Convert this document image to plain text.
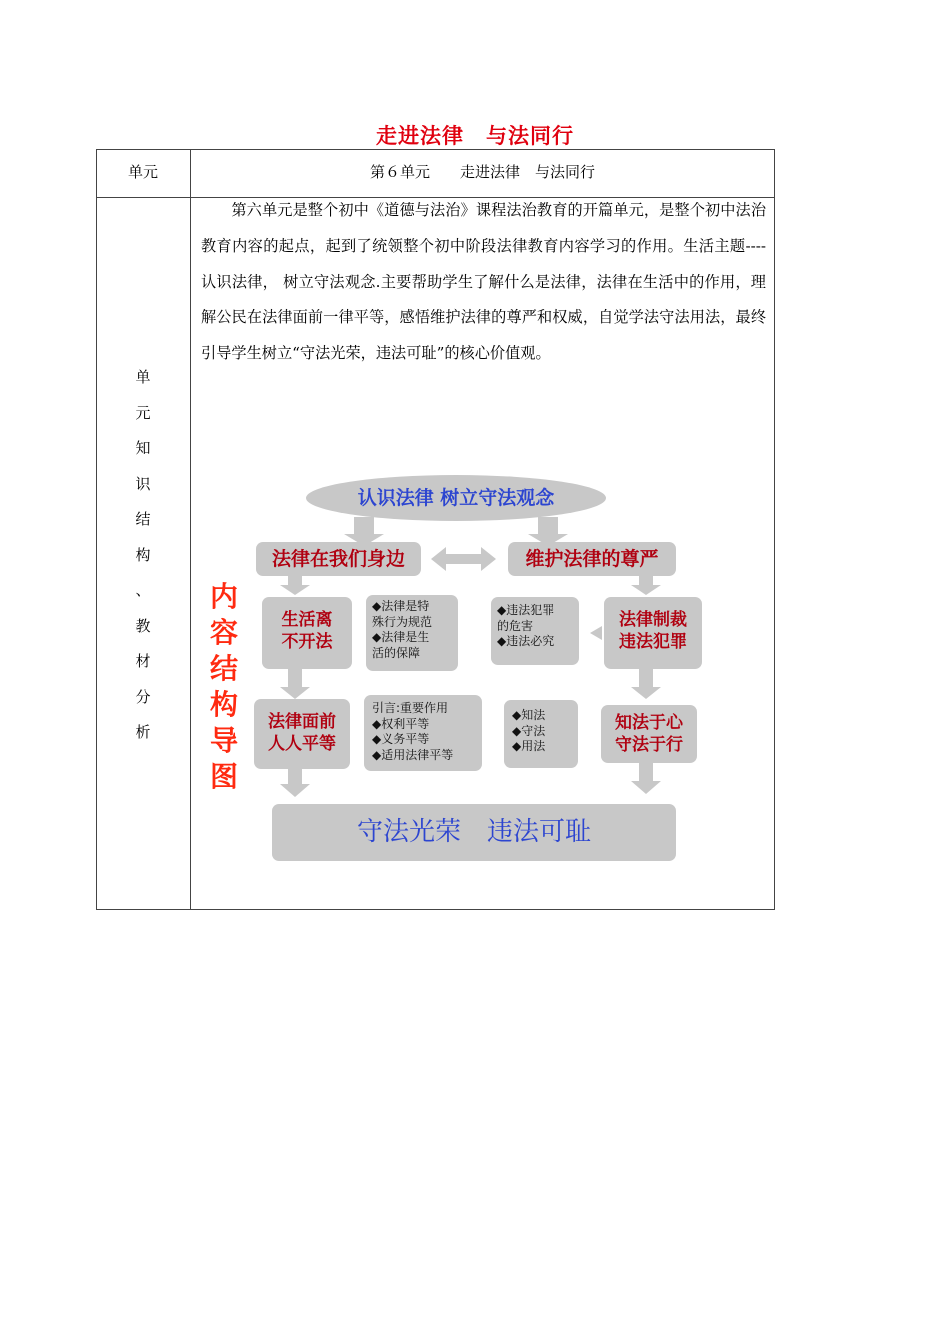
走进法律　与法同行
单元	第６单元　　走进法律　与法同行
单
元
知
识
结
构
、
教
材
分
析
第六单元是整个初中《道德与法治》课程法治教育的开篇单元，是整个初中法治教育内容的起点，起到了统领整个初中阶段法律教育内容学习的作用。生活主题----认识法律， 树立守法观念.主要帮助学生了解什么是法律，法律在生活中的作用，理解公民在法律面前一律平等，感悟维护法律的尊严和权威，自觉学法守法用法，最终引导学生树立“守法光荣，违法可耻”的核心价值观。
内
容
结
构
导
图
认识法律 树立守法观念
法律在我们身边	维护法律的尊严
生活离
不开法
◆法律是特
殊行为规范
◆法律是生
活的保障
◆违法犯罪
的危害
◆违法必究
法律制裁
违法犯罪
法律面前
人人平等
引言:重要作用
◆权利平等
◆义务平等
◆适用法律平等
◆知法
◆守法
◆用法
知法于心
守法于行
守法光荣　违法可耻
